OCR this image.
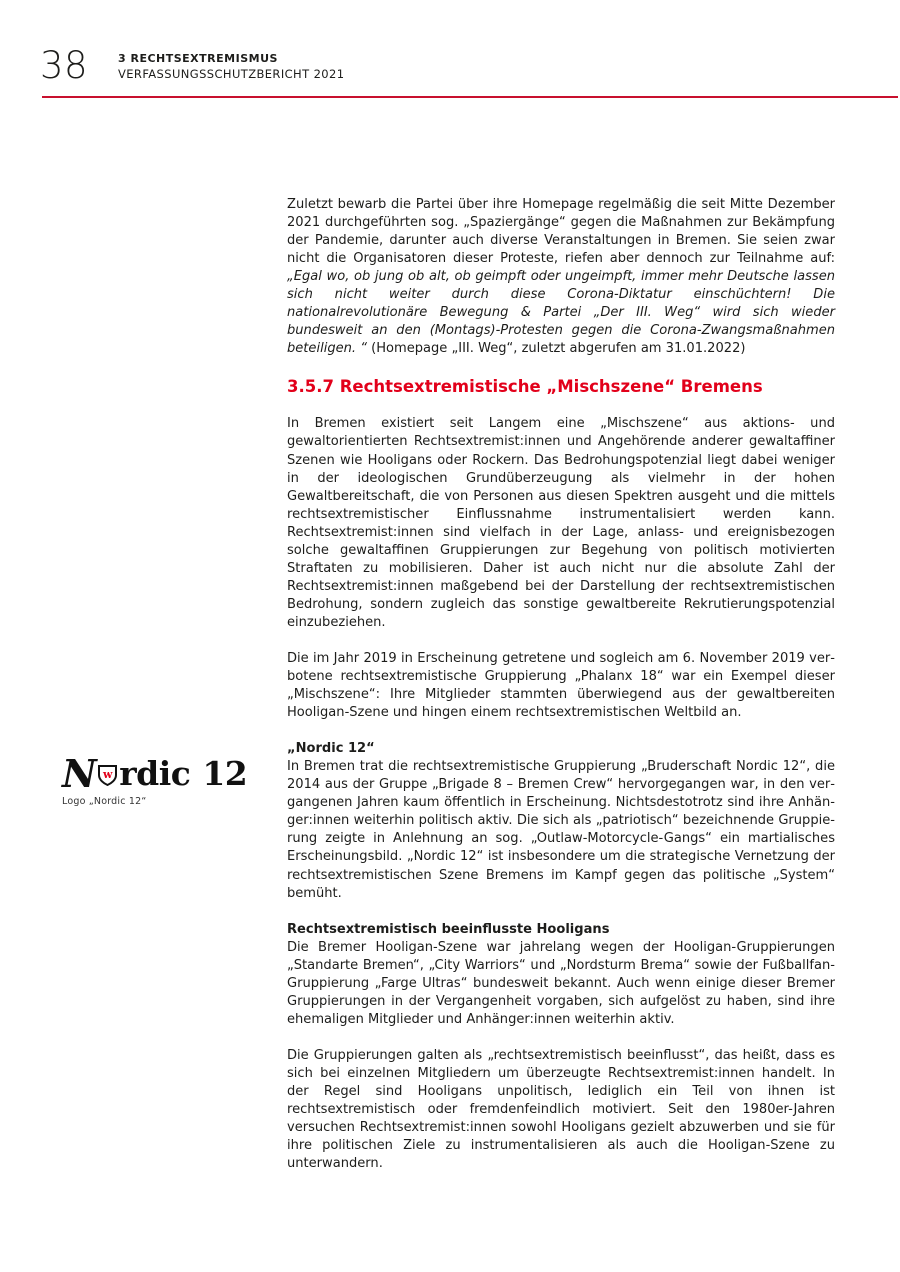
38	3 RECHTSEXTREMISMUS
VERFASSUNGSSCHUTZBERICHT 2021
N w rdic 12
Logo „Nordic 12“

Zuletzt bewarb die Partei über ihre Homepage regelmäßig die seit Mitte Dezember 2021 durchgeführten sog. „Spaziergänge“ gegen die Maßnahmen zur Bekämpfung der Pandemie, darunter auch diverse Veranstaltungen in Bremen. Sie seien zwar nicht die Organisatoren dieser Proteste, riefen aber dennoch zur Teilnahme auf: „Egal wo, ob jung ob alt, ob geimpft oder ungeimpft, immer mehr Deutsche lassen sich nicht weiter durch diese Corona-Diktatur einschüchtern! Die nationalrevolutionäre Bewegung & Partei „Der III. Weg“ wird sich wieder bundesweit an den (Montags)-Protesten gegen die Corona-Zwangsmaßnahmen beteiligen. “ (Homepage „III. Weg“, zuletzt abgerufen am 31.01.2022)

3.5.7 Rechtsextremistische „Mischszene“ Bremens

In Bremen existiert seit Langem eine „Mischszene“ aus aktions- und gewaltorientierten Rechtsextremist:innen und Angehörende anderer gewaltaffiner Szenen wie Hooligans oder Rockern. Das Bedrohungspotenzial liegt dabei weniger in der ideologischen Grundüberzeugung als vielmehr in der hohen Gewaltbereitschaft, die von Personen aus diesen Spektren ausgeht und die mittels rechtsextremistischer Einflussnahme instrumentalisiert werden kann. Rechtsextremist:innen sind vielfach in der Lage, anlass- und ereignisbezogen solche gewaltaffinen Gruppierungen zur Begehung von politisch motivierten Straftaten zu mobilisieren. Daher ist auch nicht nur die absolute Zahl der Rechtsextremist:innen maßgebend bei der Darstellung der rechtsextremistischen Bedrohung, sondern zugleich das sonstige gewaltbereite Rekrutierungspotenzial einzubeziehen.

Die im Jahr 2019 in Erscheinung getretene und sogleich am 6. November 2019 verbotene rechtsextremistische Gruppierung „Phalanx 18“ war ein Exempel dieser „Mischszene“: Ihre Mitglieder stammten überwiegend aus der gewaltbereiten Hooligan-Szene und hingen einem rechtsextremistischen Weltbild an.

„Nordic 12“
In Bremen trat die rechtsextremistische Gruppierung „Bruderschaft Nordic 12“, die 2014 aus der Gruppe „Brigade 8 – Bremen Crew“ hervorgegangen war, in den vergangenen Jahren kaum öffentlich in Erscheinung. Nichtsdestotrotz sind ihre Anhänger:innen weiterhin politisch aktiv. Die sich als „patriotisch“ bezeichnende Gruppierung zeigte in Anlehnung an sog. „Outlaw-Motorcycle-Gangs“ ein martialisches Erscheinungsbild. „Nordic 12“ ist insbesondere um die strategische Vernetzung der rechtsextremistischen Szene Bremens im Kampf gegen das politische „System“ bemüht.

Rechtsextremistisch beeinflusste Hooligans
Die Bremer Hooligan-Szene war jahrelang wegen der Hooligan-Gruppierungen „Standarte Bremen“, „City Warriors“ und „Nordsturm Brema“ sowie der Fußballfan-Gruppierung „Farge Ultras“ bundesweit bekannt. Auch wenn einige dieser Bremer Gruppierungen in der Vergangenheit vorgaben, sich aufgelöst zu haben, sind ihre ehemaligen Mitglieder und Anhänger:innen weiterhin aktiv.

Die Gruppierungen galten als „rechtsextremistisch beeinflusst“, das heißt, dass es sich bei einzelnen Mitgliedern um überzeugte Rechtsextremist:innen handelt. In der Regel sind Hooligans unpolitisch, lediglich ein Teil von ihnen ist rechtsextremistisch oder fremdenfeindlich motiviert. Seit den 1980er-Jahren versuchen Rechtsextremist:innen sowohl Hooligans gezielt abzuwerben und sie für ihre politischen Ziele zu instrumentalisieren als auch die Hooligan-Szene zu unterwandern.
